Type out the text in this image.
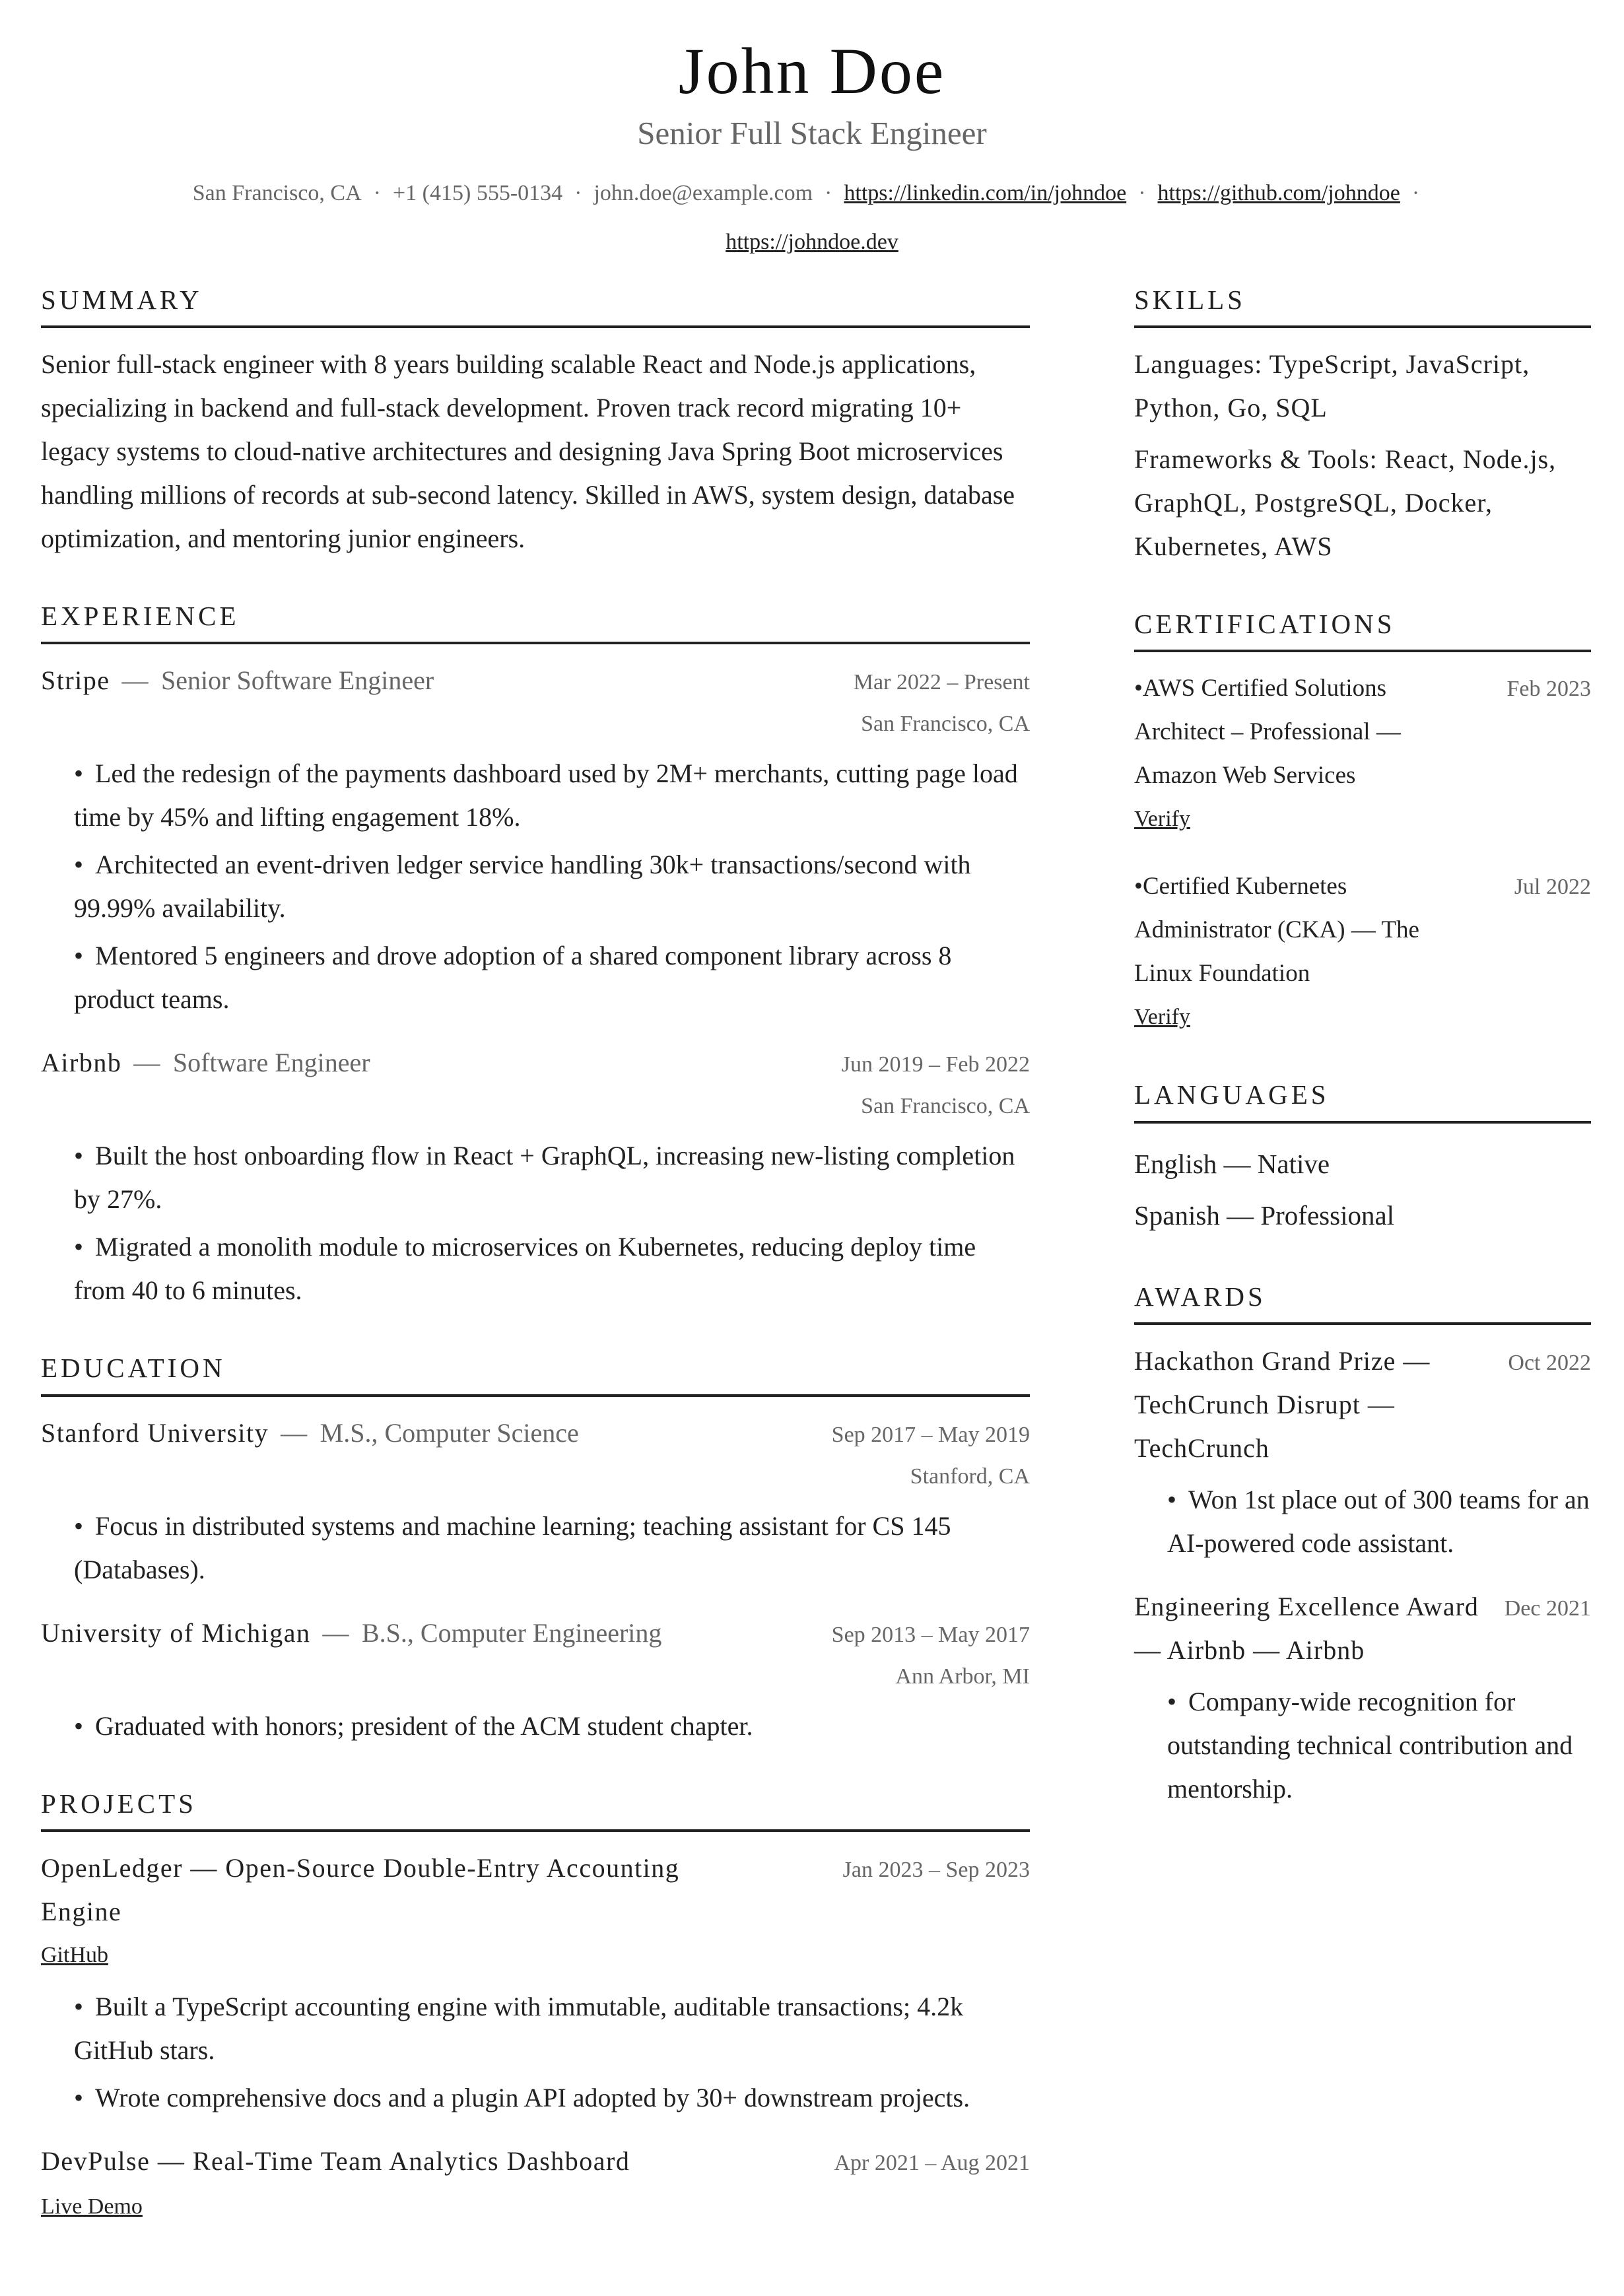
John Doe
Senior Full Stack Engineer
San Francisco, CA · +1 (415) 555-0134 · john.doe@example.com · https://linkedin.com/in/johndoe · https://github.com/johndoe ·
https://johndoe.dev
SUMMARY

Senior full-stack engineer with 8 years building scalable React and Node.js applications, specializing in backend and full-stack development. Proven track record migrating 10+ legacy systems to cloud-native architectures and designing Java Spring Boot microservices handling millions of records at sub-second latency. Skilled in AWS, system design, database optimization, and mentoring junior engineers.

EXPERIENCE
Stripe — Senior Software Engineer	Mar 2022 – Present
San Francisco, CA
• Led the redesign of the payments dashboard used by 2M+ merchants, cutting page load time by 45% and lifting engagement 18%.
• Architected an event-driven ledger service handling 30k+ transactions/second with 99.99% availability.
• Mentored 5 engineers and drove adoption of a shared component library across 8 product teams.
Airbnb — Software Engineer	Jun 2019 – Feb 2022
San Francisco, CA
• Built the host onboarding flow in React + GraphQL, increasing new-listing completion by 27%.
• Migrated a monolith module to microservices on Kubernetes, reducing deploy time from 40 to 6 minutes.
EDUCATION
Stanford University — M.S., Computer Science	Sep 2017 – May 2019
Stanford, CA
• Focus in distributed systems and machine learning; teaching assistant for CS 145 (Databases).
University of Michigan — B.S., Computer Engineering	Sep 2013 – May 2017
Ann Arbor, MI
• Graduated with honors; president of the ACM student chapter.
PROJECTS
OpenLedger — Open-Source Double-Entry Accounting Engine
Jan 2023 – Sep 2023
GitHub
• Built a TypeScript accounting engine with immutable, auditable transactions; 4.2k GitHub stars.
• Wrote comprehensive docs and a plugin API adopted by 30+ downstream projects.
DevPulse — Real-Time Team Analytics Dashboard	Apr 2021 – Aug 2021
Live Demo
SKILLS

Languages: TypeScript, JavaScript, Python, Go, SQL

Frameworks & Tools: React, Node.js, GraphQL, PostgreSQL, Docker, Kubernetes, AWS

CERTIFICATIONS
• AWS Certified Solutions Architect – Professional — Amazon Web Services
Feb 2023
Verify
• Certified Kubernetes Administrator (CKA) — The Linux Foundation
Jul 2022
Verify
LANGUAGES

English — Native

Spanish — Professional

AWARDS
Hackathon Grand Prize — TechCrunch Disrupt — TechCrunch
Oct 2022
• Won 1st place out of 300 teams for an AI-powered code assistant.
Engineering Excellence Award — Airbnb — Airbnb
Dec 2021
• Company-wide recognition for outstanding technical contribution and mentorship.
